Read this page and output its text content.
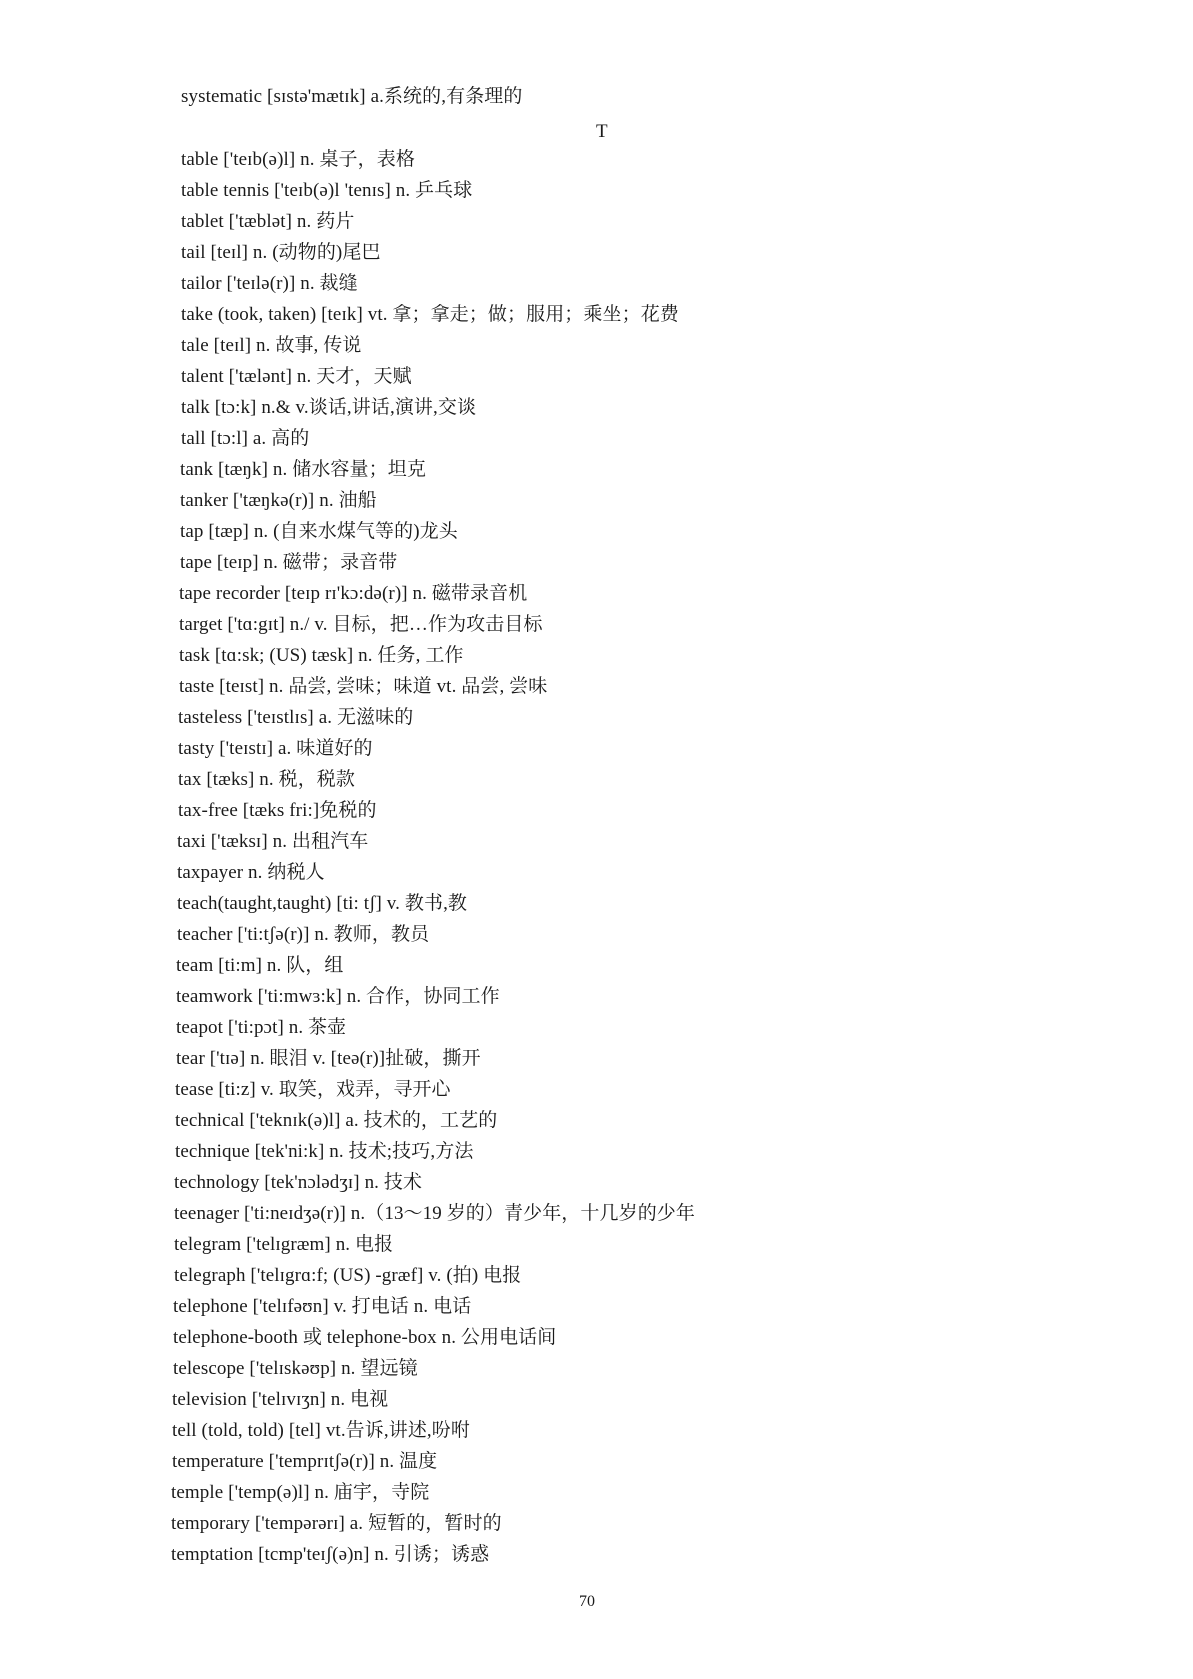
systematic [sɪstə'mætɪk] a.系统的,有条理的
T
table ['teɪb(ə)l] n. 桌子，表格
table tennis ['teɪb(ə)l 'tenɪs] n. 乒乓球
tablet ['tæblət] n. 药片
tail [teɪl] n. (动物的)尾巴
tailor ['teɪlə(r)] n. 裁缝
take (took, taken) [teɪk] vt. 拿；拿走；做；服用；乘坐；花费
tale [teɪl] n. 故事, 传说
talent ['tælənt] n. 天才，天赋
talk [tɔ:k] n.& v.谈话,讲话,演讲,交谈
tall [tɔ:l] a. 高的
tank [tæŋk] n. 储水容量；坦克
tanker ['tæŋkə(r)] n. 油船
tap [tæp] n. (自来水煤气等的)龙头
tape [teɪp] n. 磁带；录音带
tape recorder [teɪp rɪ'kɔ:də(r)] n. 磁带录音机
target ['tɑ:gɪt] n./ v. 目标，把…作为攻击目标
task [tɑ:sk; (US) tæsk] n. 任务, 工作
taste [teɪst] n. 品尝, 尝味；味道 vt. 品尝, 尝味
tasteless ['teɪstlɪs] a. 无滋味的
tasty ['teɪstɪ] a. 味道好的
tax [tæks] n. 税，税款
tax-free [tæks fri:]免税的
taxi ['tæksɪ] n. 出租汽车
taxpayer n. 纳税人
teach(taught,taught) [ti: tʃ] v. 教书,教
teacher ['ti:tʃə(r)] n. 教师，教员
team [ti:m] n. 队，组
teamwork ['ti:mwɜ:k] n. 合作，协同工作
teapot ['ti:pɔt] n. 茶壶
tear ['tɪə] n. 眼泪 v. [teə(r)]扯破，撕开
tease [ti:z] v. 取笑，戏弄，寻开心
technical ['teknɪk(ə)l] a. 技术的，工艺的
technique [tek'ni:k] n. 技术;技巧,方法
technology [tek'nɔlədʒɪ] n. 技术
teenager ['ti:neɪdʒə(r)] n.（13～19 岁的）青少年，十几岁的少年
telegram ['telɪgræm] n. 电报
telegraph ['telɪgrɑ:f; (US) -græf] v. (拍) 电报
telephone ['telɪfəʊn] v. 打电话 n. 电话
telephone-booth 或 telephone-box n. 公用电话间
telescope ['telɪskəʊp] n. 望远镜
television ['telɪvɪʒn] n. 电视
tell (told, told) [tel] vt.告诉,讲述,吩咐
temperature ['temprɪtʃə(r)] n. 温度
temple ['temp(ə)l] n. 庙宇，寺院
temporary ['tempərərɪ] a. 短暂的，暂时的
temptation [tcmp'teɪʃ(ə)n] n. 引诱；诱惑
70
